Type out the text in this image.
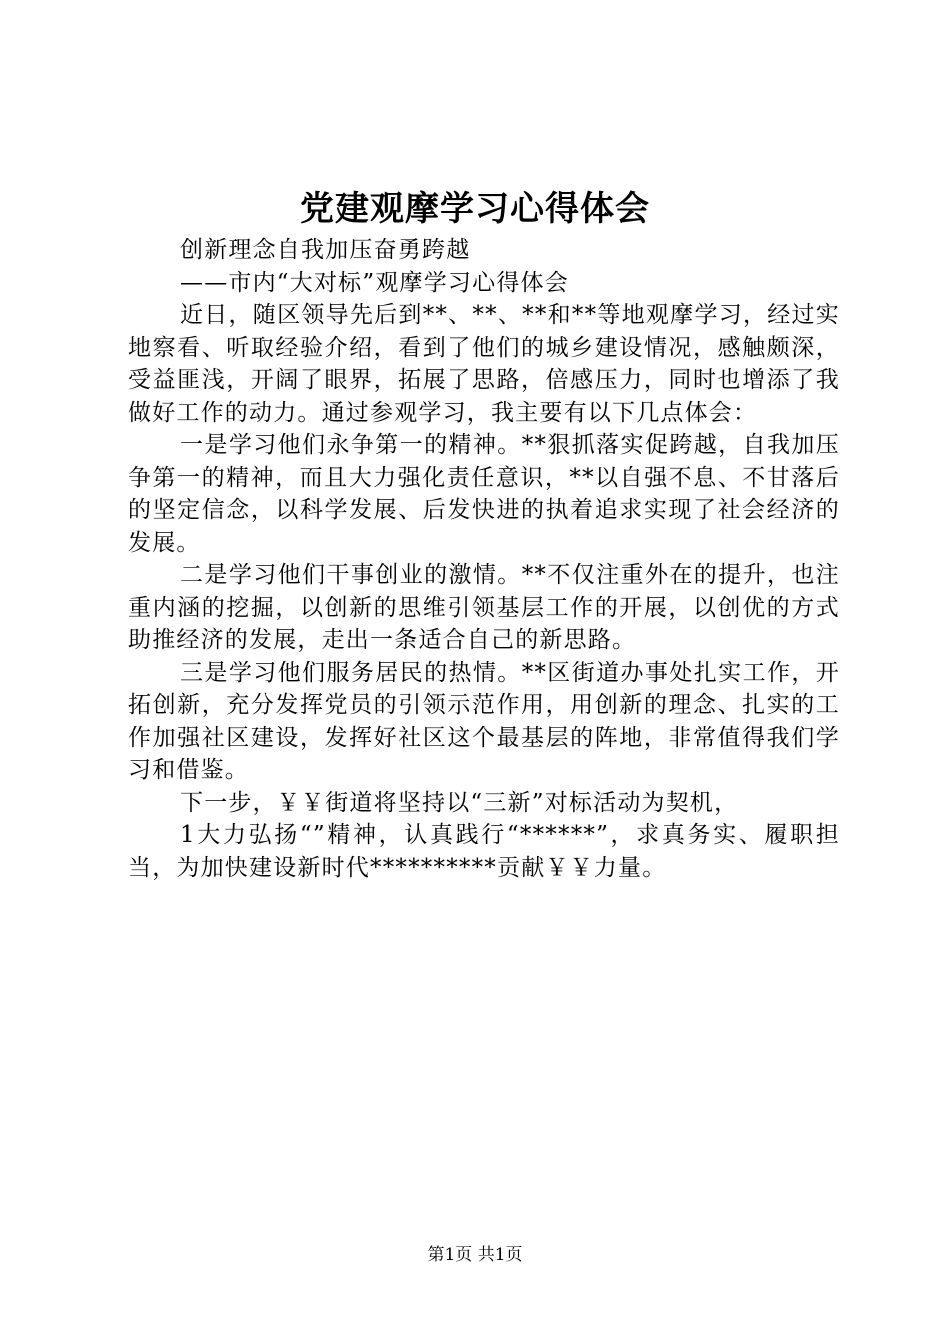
党建观摩学习心得体会

创新理念自我加压奋勇跨越

——市内“大对标”观摩学习心得体会

近日，随区领导先后到**、**、**和**等地观摩学习，经过实地察看、听取经验介绍，看到了他们的城乡建设情况，感触颇深，受益匪浅，开阔了眼界，拓展了思路，倍感压力，同时也增添了我做好工作的动力。通过参观学习，我主要有以下几点体会：

一是学习他们永争第一的精神。**狠抓落实促跨越，自我加压争第一的精神，而且大力强化责任意识，**以自强不息、不甘落后的坚定信念，以科学发展、后发快进的执着追求实现了社会经济的发展。

二是学习他们干事创业的激情。**不仅注重外在的提升，也注重内涵的挖掘，以创新的思维引领基层工作的开展，以创优的方式助推经济的发展，走出一条适合自己的新思路。

三是学习他们服务居民的热情。**区街道办事处扎实工作，开拓创新，充分发挥党员的引领示范作用，用创新的理念、扎实的工作加强社区建设，发挥好社区这个最基层的阵地，非常值得我们学习和借鉴。

下一步，￥￥街道将坚持以“三新”对标活动为契机，

1大力弘扬“”精神，认真践行“******”，求真务实、履职担当，为加快建设新时代**********贡献￥￥力量。

第1页 共1页
